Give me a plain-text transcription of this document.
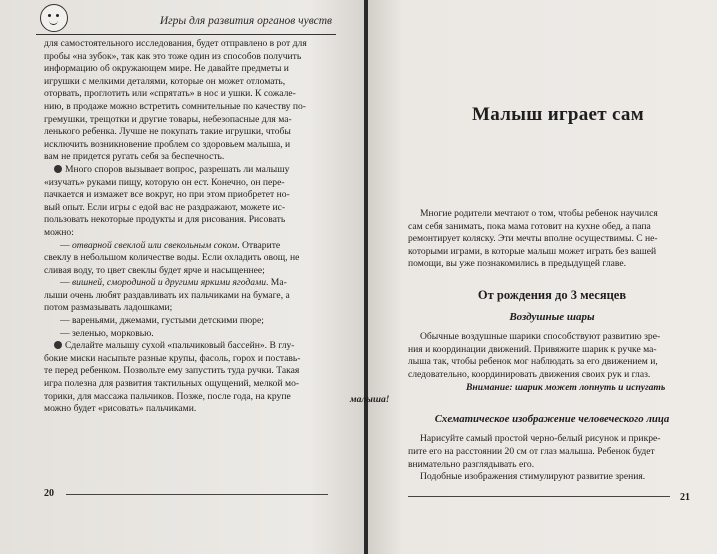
Игры для развития органов чувств

для самостоятельного исследования, будет отправлено в рот для

пробы «на зубок», так как это тоже один из способов получить

информацию об окружающем мире. Не давайте предметы и

игрушки с мелкими деталями, которые он может отломать,

оторвать, проглотить или «спрятать» в нос и ушки. К сожале-

нию, в продаже можно встретить сомнительные по качеству по-

гремушки, трещотки и другие товары, небезопасные для ма-

ленького ребенка. Лучше не покупать такие игрушки, чтобы

исключить возникновение проблем со здоровьем малыша, и

вам не придется ругать себя за беспечность.

Много споров вызывает вопрос, разрешать ли малышу

«изучать» руками пищу, которую он ест. Конечно, он пере-

пачкается и измажет все вокруг, но при этом приобретет но-

вый опыт. Если игры с едой вас не раздражают, можете ис-

пользовать некоторые продукты и для рисования. Рисовать

можно:

— отварной свеклой или свекольным соком. Отварите

свеклу в небольшом количестве воды. Если охладить овощ, не

сливая воду, то цвет свеклы будет ярче и насыщеннее;

— вишней, смородиной и другими яркими ягодами. Ма-

лыши очень любят раздавливать их пальчиками на бумаге, а

потом размазывать ладошками;

— вареньями, джемами, густыми детскими пюре;

— зеленью, морковью.

Сделайте малышу сухой «пальчиковый бассейн». В глу-

бокие миски насыпьте разные крупы, фасоль, горох и поставь-

те перед ребенком. Позвольте ему запустить туда ручки. Такая

игра полезна для развития тактильных ощущений, мелкой мо-

торики, для массажа пальчиков. Позже, после года, на крупе

можно будет «рисовать» пальчиками.

20
Малыш играет сам

Многие родители мечтают о том, чтобы ребенок научился

сам себя занимать, пока мама готовит на кухне обед, а папа

ремонтирует коляску. Эти мечты вполне осуществимы. С не-

которыми играми, в которые малыш может играть без вашей

помощи, вы уже познакомились в предыдущей главе.

От рождения до 3 месяцев
Воздушные шары

Обычные воздушные шарики способствуют развитию зре-

ния и координации движений. Привяжите шарик к ручке ма-

лыша так, чтобы ребенок мог наблюдать за его движением и,

следовательно, координировать движения своих рук и глаз.

Внимание: шарик может лопнуть и испугать
малыша!

Схематическое изображение человеческого лица

Нарисуйте самый простой черно-белый рисунок и прикре-

пите его на расстоянии 20 см от глаз малыша. Ребенок будет

внимательно разглядывать его.

Подобные изображения стимулируют развитие зрения.

21
